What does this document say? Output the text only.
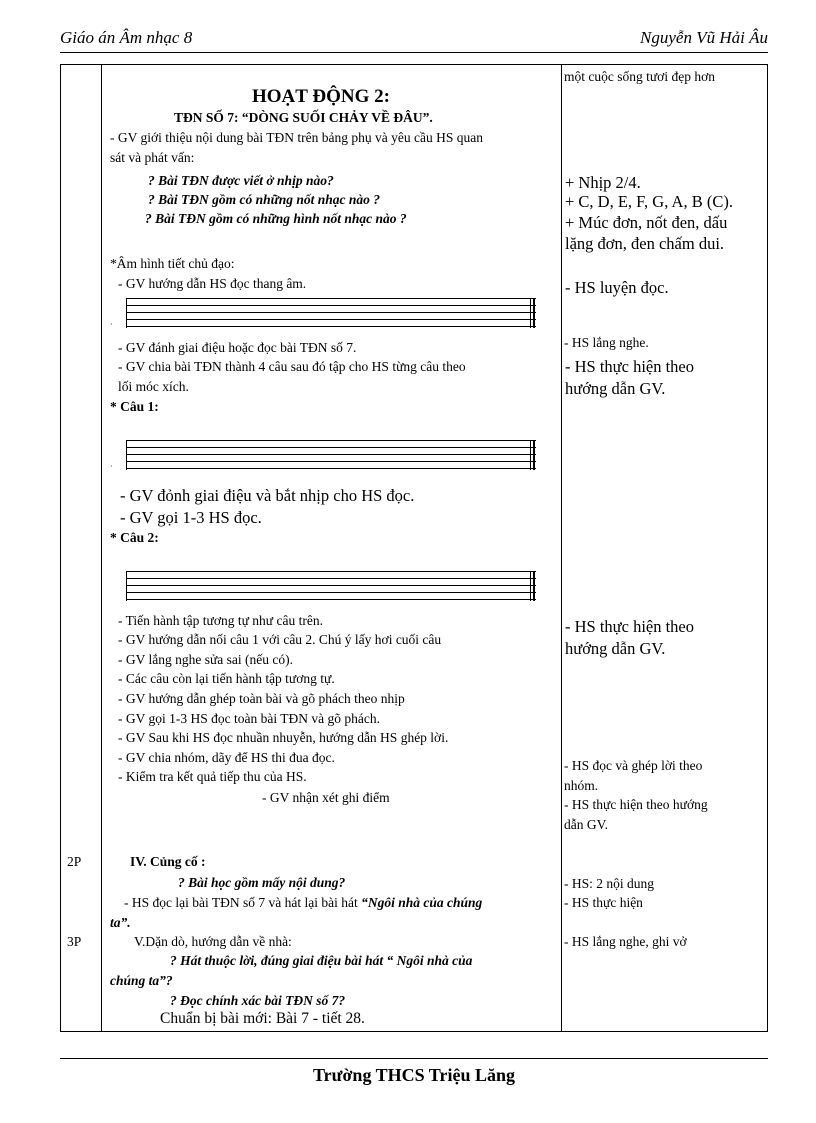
Giáo án Âm nhạc 8	Nguyễn Vũ Hải Âu
2P
3P
HOẠT ĐỘNG 2:
TĐN SỐ 7: “DÒNG SUỐI CHẢY VỀ ĐÂU”.
- GV giới thiệu nội dung bài TĐN trên bảng phụ và yêu cầu HS quan
sát và phát vấn:
? Bài TĐN được viết ở nhịp nào?
? Bài TĐN gồm có những nốt nhạc nào ?
? Bài TĐN gồm có những hình nốt nhạc nào ?
*Âm hình tiết chủ đạo:
- GV hướng dẫn HS đọc thang âm.
·
- GV đánh giai điệu hoặc đọc bài TĐN số 7.
- GV chia bài TĐN thành 4 câu sau đó tập cho HS từng câu theo
lối móc xích.
* Câu 1:
·
- GV đỏnh giai điệu và bắt nhịp cho HS đọc.
- GV gọi 1-3 HS đọc.
* Câu 2:
- Tiến hành tập tương tự như câu trên.
- GV hướng dẫn nối câu 1 với câu 2. Chú ý lấy hơi cuối câu
- GV lắng nghe sửa sai (nếu có).
- Các câu còn lại tiến hành tập tương tự.
- GV hướng dẫn ghép toàn bài và gõ phách theo nhịp
- GV gọi 1-3 HS đọc toàn bài TĐN và gõ phách.
- GV Sau khi HS đọc nhuần nhuyễn, hướng dẫn HS ghép lời.
- GV chia nhóm, dãy để HS thi đua đọc.
- Kiểm tra kết quả tiếp thu của HS.
- GV nhận xét ghi điểm
IV. Củng cố :
? Bài học gồm mấy nội dung?
- HS đọc lại bài TĐN số 7 và hát lại bài hát “Ngôi nhà của chúng
ta”.
V.Dặn dò, hướng dẫn về nhà:
? Hát thuộc lời, đúng giai điệu bài hát “ Ngôi nhà của
chúng ta”?
? Đọc chính xác bài TĐN số 7?
Chuẩn bị bài mới: Bài 7 - tiết 28.
một cuộc sống tươi đẹp hơn
+ Nhịp 2/4.
+ C, D, E, F, G, A, B (C).
+ Múc đơn, nốt đen, dấu
lặng đơn, đen chấm dui.
- HS luyện đọc.
- HS lắng nghe.
- HS thực hiện theo
hướng dẫn GV.
- HS thực hiện theo
hướng dẫn GV.
- HS đọc và ghép lời theo
nhóm.
- HS thực hiện theo hướng
dẫn GV.
- HS: 2 nội dung
- HS thực hiện
- HS lắng nghe, ghi vở
Trường THCS Triệu Lăng
